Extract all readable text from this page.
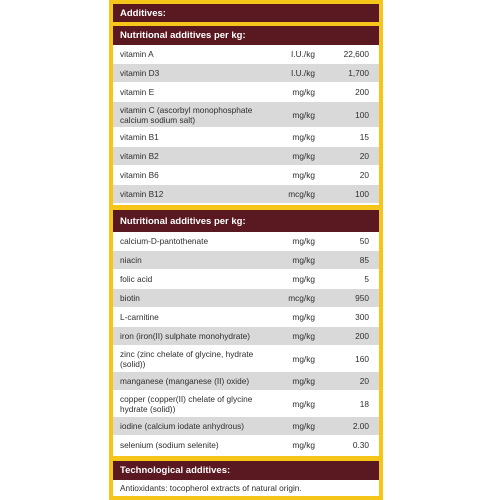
Additives:
Nutritional additives per kg:
vitamin A	I.U./kg	22,600
vitamin D3	I.U./kg	1,700
vitamin E	mg/kg	200
vitamin C (ascorbyl monophosphate calcium sodium salt)	mg/kg	100
vitamin B1	mg/kg	15
vitamin B2	mg/kg	20
vitamin B6	mg/kg	20
vitamin B12	mcg/kg	100
Nutritional additives per kg:
calcium-D-pantothenate	mg/kg	50
niacin	mg/kg	85
folic acid	mg/kg	5
biotin	mcg/kg	950
L-carnitine	mg/kg	300
iron (iron(II) sulphate monohydrate)	mg/kg	200
zinc (zinc chelate of glycine, hydrate (solid))	mg/kg	160
manganese (manganese (II) oxide)	mg/kg	20
copper (copper(II) chelate of glycine hydrate (solid))	mg/kg	18
iodine (calcium iodate anhydrous)	mg/kg	2.00
selenium (sodium selenite)	mg/kg	0.30
Technological additives:
Antioxidants: tocopherol extracts of natural origin.
